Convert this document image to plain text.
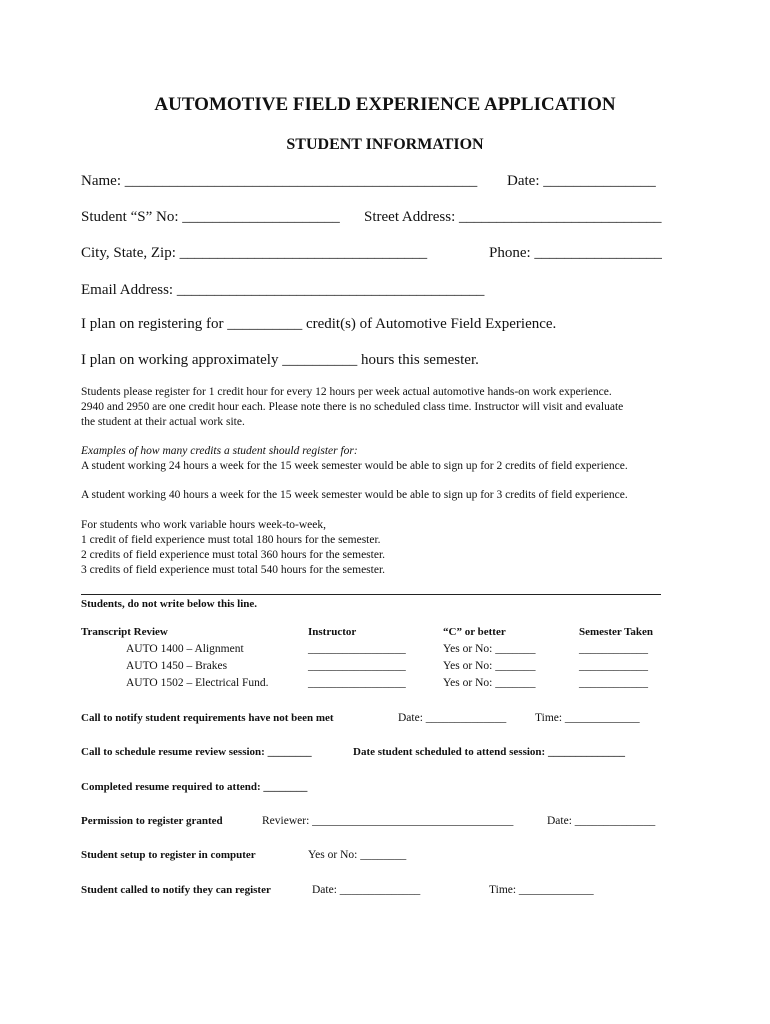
AUTOMOTIVE FIELD EXPERIENCE APPLICATION
STUDENT INFORMATION
Name: _______________________________________________ Date: _______________
Student “S” No: _____________________ Street Address: ___________________________
City, State, Zip: _________________________________	Phone: _________________
Email Address: _________________________________________
I plan on registering for __________ credit(s) of Automotive Field Experience.
I plan on working approximately __________ hours this semester.
Students please register for 1 credit hour for every 12 hours per week actual automotive hands-on work experience.
2940 and 2950 are one credit hour each. Please note there is no scheduled class time. Instructor will visit and evaluate
the student at their actual work site.
Examples of how many credits a student should register for:
A student working 24 hours a week for the 15 week semester would be able to sign up for 2 credits of field experience.
A student working 40 hours a week for the 15 week semester would be able to sign up for 3 credits of field experience.
For students who work variable hours week-to-week,
1 credit of field experience must total 180 hours for the semester.
2 credits of field experience must total 360 hours for the semester.
3 credits of field experience must total 540 hours for the semester.
Students, do not write below this line.
Transcript Review	Instructor	“C” or better	Semester Taken
AUTO 1400 – Alignment	_________________	Yes or No: _______	____________
AUTO 1450 – Brakes	_________________	Yes or No: _______	____________
AUTO 1502 – Electrical Fund.	_________________	Yes or No: _______	____________
Call to notify student requirements have not been met	Date: ______________ Time: _____________
Call to schedule resume review session: ________	Date student scheduled to attend session: ______________
Completed resume required to attend: ________
Permission to register granted	Reviewer: ___________________________________	Date: ______________
Student setup to register in computer	Yes or No: ________
Student called to notify they can register	Date: ______________	Time: _____________
